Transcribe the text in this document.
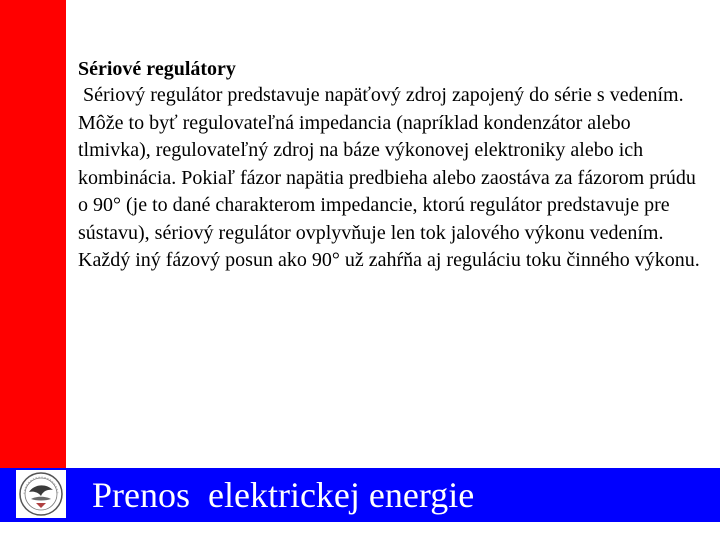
Sériové regulátory

Sériový regulátor predstavuje napäťový zdroj zapojený do série s vedením. Môže to byť regulovateľná impedancia (napríklad kondenzátor alebo tlmivka), regulovateľný zdroj na báze výkonovej elektroniky alebo ich kombinácia. Pokiaľ fázor napätia predbieha alebo zaostáva za fázorom prúdu o 90° (je to dané charakterom impedancie, ktorú regulátor predstavuje pre sústavu), sériový regulátor ovplyvňuje len tok jalového výkonu vedením. Každý iný fázový posun ako 90° už zahŕňa aj reguláciu toku činného výkonu.

Prenos  elektrickej energie
